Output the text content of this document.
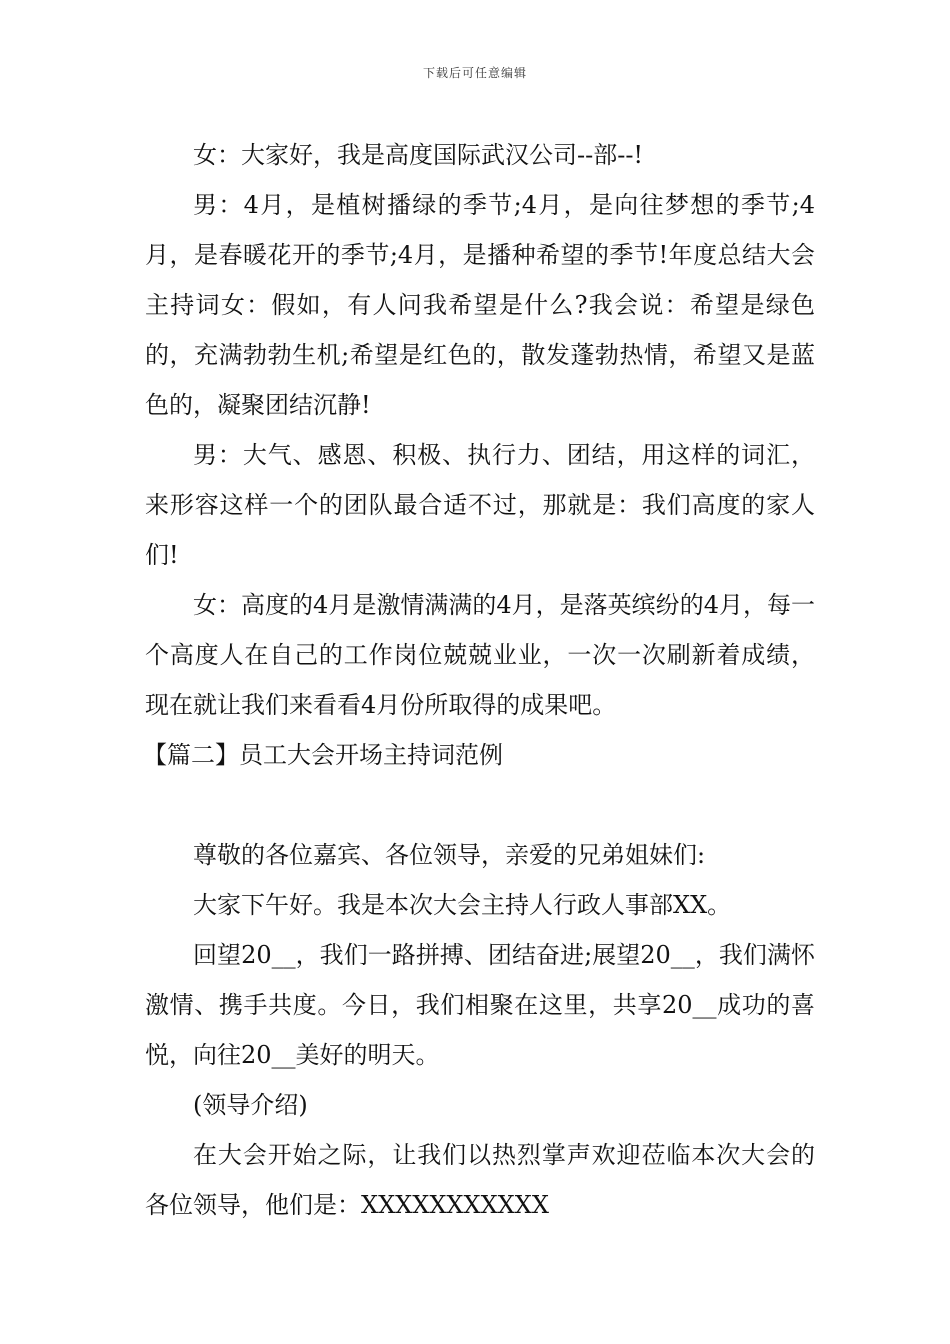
下载后可任意编辑

女：大家好，我是高度国际武汉公司--部--!

男：4月，是植树播绿的季节;4月，是向往梦想的季节;4月，是春暖花开的季节;4月，是播种希望的季节!年度总结大会主持词女：假如，有人问我希望是什么?我会说：希望是绿色的，充满勃勃生机;希望是红色的，散发蓬勃热情，希望又是蓝色的，凝聚团结沉静!

男：大气、感恩、积极、执行力、团结，用这样的词汇，来形容这样一个的团队最合适不过，那就是：我们高度的家人们!

女：高度的4月是激情满满的4月，是落英缤纷的4月，每一个高度人在自己的工作岗位兢兢业业，一次一次刷新着成绩，现在就让我们来看看4月份所取得的成果吧。

【篇二】员工大会开场主持词范例

尊敬的各位嘉宾、各位领导，亲爱的兄弟姐妹们:

大家下午好。我是本次大会主持人行政人事部XX。

回望20__，我们一路拼搏、团结奋进;展望20__，我们满怀激情、携手共度。今日，我们相聚在这里，共享20__成功的喜悦，向往20__美好的明天。

(领导介绍)

在大会开始之际，让我们以热烈掌声欢迎莅临本次大会的各位领导，他们是：XXXXXXXXXXX
